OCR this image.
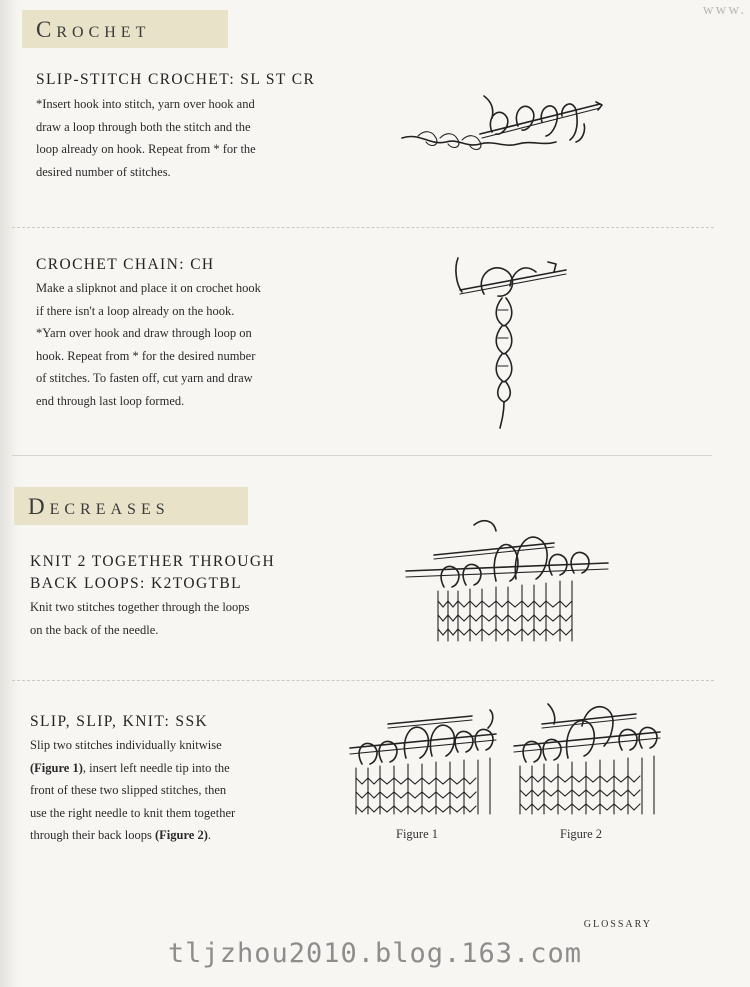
www.
Crochet
SLIP-STITCH CROCHET: SL ST CR
*Insert hook into stitch, yarn over hook and
draw a loop through both the stitch and the
loop already on hook. Repeat from * for the
desired number of stitches.
CROCHET CHAIN: CH
Make a slipknot and place it on crochet hook
if there isn't a loop already on the hook.
*Yarn over hook and draw through loop on
hook. Repeat from * for the desired number
of stitches. To fasten off, cut yarn and draw
end through last loop formed.
Decreases
KNIT 2 TOGETHER THROUGH
BACK LOOPS: K2TOGTBL
Knit two stitches together through the loops
on the back of the needle.
SLIP, SLIP, KNIT: SSK
Slip two stitches individually knitwise
(Figure 1), insert left needle tip into the
front of these two slipped stitches, then
use the right needle to knit them together
through their back loops (Figure 2).	Figure 1	Figure 2
GLOSSARY
tljzhou2010.blog.163.com
